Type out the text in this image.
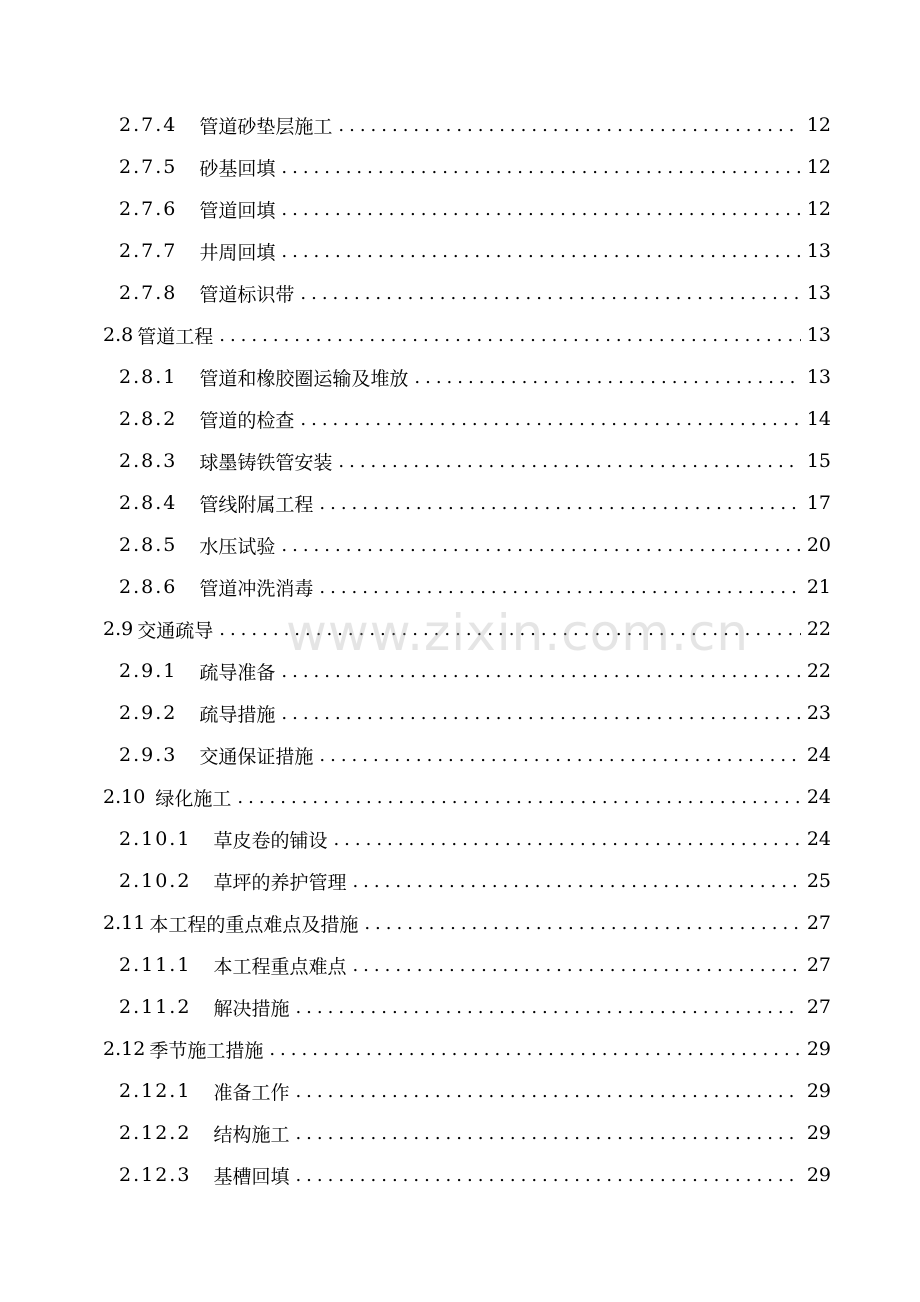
2.7.4 管道砂垫层施工 .....	12
2.7.5 砂基回填 .....	12
2.7.6 管道回填 .....	12
2.7.7 井周回填 .....	13
2.7.8 管道标识带 .....	13
2.8 管道工程 .....	13
2.8.1 管道和橡胶圈运输及堆放 .....	13
2.8.2 管道的检查 .....	14
2.8.3 球墨铸铁管安装 .....	15
2.8.4 管线附属工程 .....	17
2.8.5 水压试验 .....	20
2.8.6 管道冲洗消毒 .....	21
2.9 交通疏导 .....	22
2.9.1 疏导准备 .....	22
2.9.2 疏导措施 .....	23
2.9.3 交通保证措施 .....	24
2.10 绿化施工 .....	24
2.10.1 草皮卷的铺设 .....	24
2.10.2 草坪的养护管理 .....	25
2.11 本工程的重点难点及措施 .....	27
2.11.1 本工程重点难点 .....	27
2.11.2 解决措施 .....	27
2.12 季节施工措施 .....	29
2.12.1 准备工作 .....	29
2.12.2 结构施工 .....	29
2.12.3 基槽回填 .....	29
www.zixin.com.cn
